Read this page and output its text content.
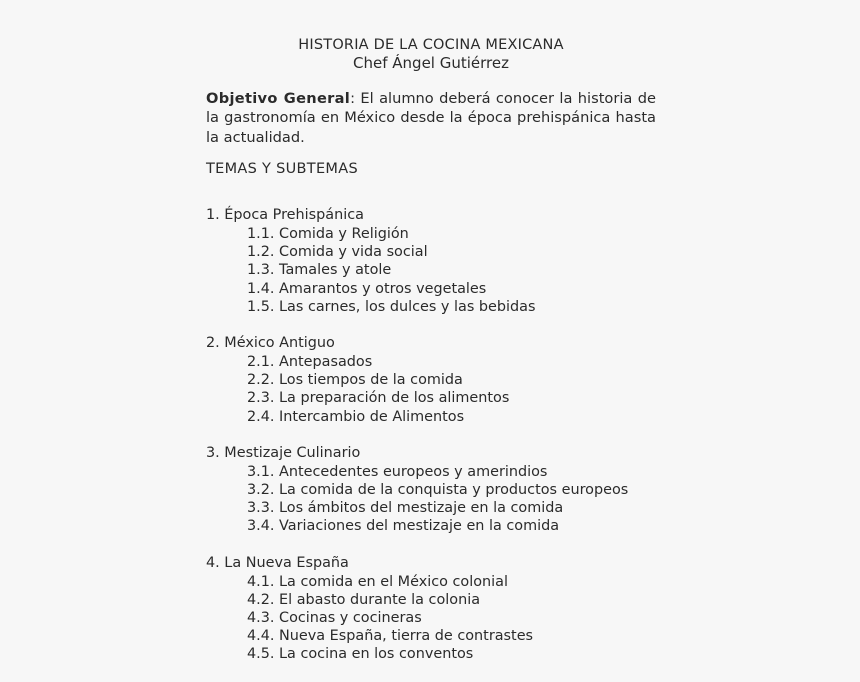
HISTORIA DE LA COCINA MEXICANA
Chef Ángel Gutiérrez

Objetivo General: El alumno deberá conocer la historia de la gastronomía en México desde la época prehispánica hasta la actualidad.

TEMAS Y SUBTEMAS
1. Época Prehispánica
1.1. Comida y Religión
1.2. Comida y vida social
1.3. Tamales y atole
1.4. Amarantos y otros vegetales
1.5. Las carnes, los dulces y las bebidas
2. México Antiguo
2.1. Antepasados
2.2. Los tiempos de la comida
2.3. La preparación de los alimentos
2.4. Intercambio de Alimentos
3. Mestizaje Culinario
3.1. Antecedentes europeos y amerindios
3.2. La comida de la conquista y productos europeos
3.3. Los ámbitos del mestizaje en la comida
3.4. Variaciones del mestizaje en la comida
4. La Nueva España
4.1. La comida en el México colonial
4.2. El abasto durante la colonia
4.3. Cocinas y cocineras
4.4. Nueva España, tierra de contrastes
4.5. La cocina en los conventos
